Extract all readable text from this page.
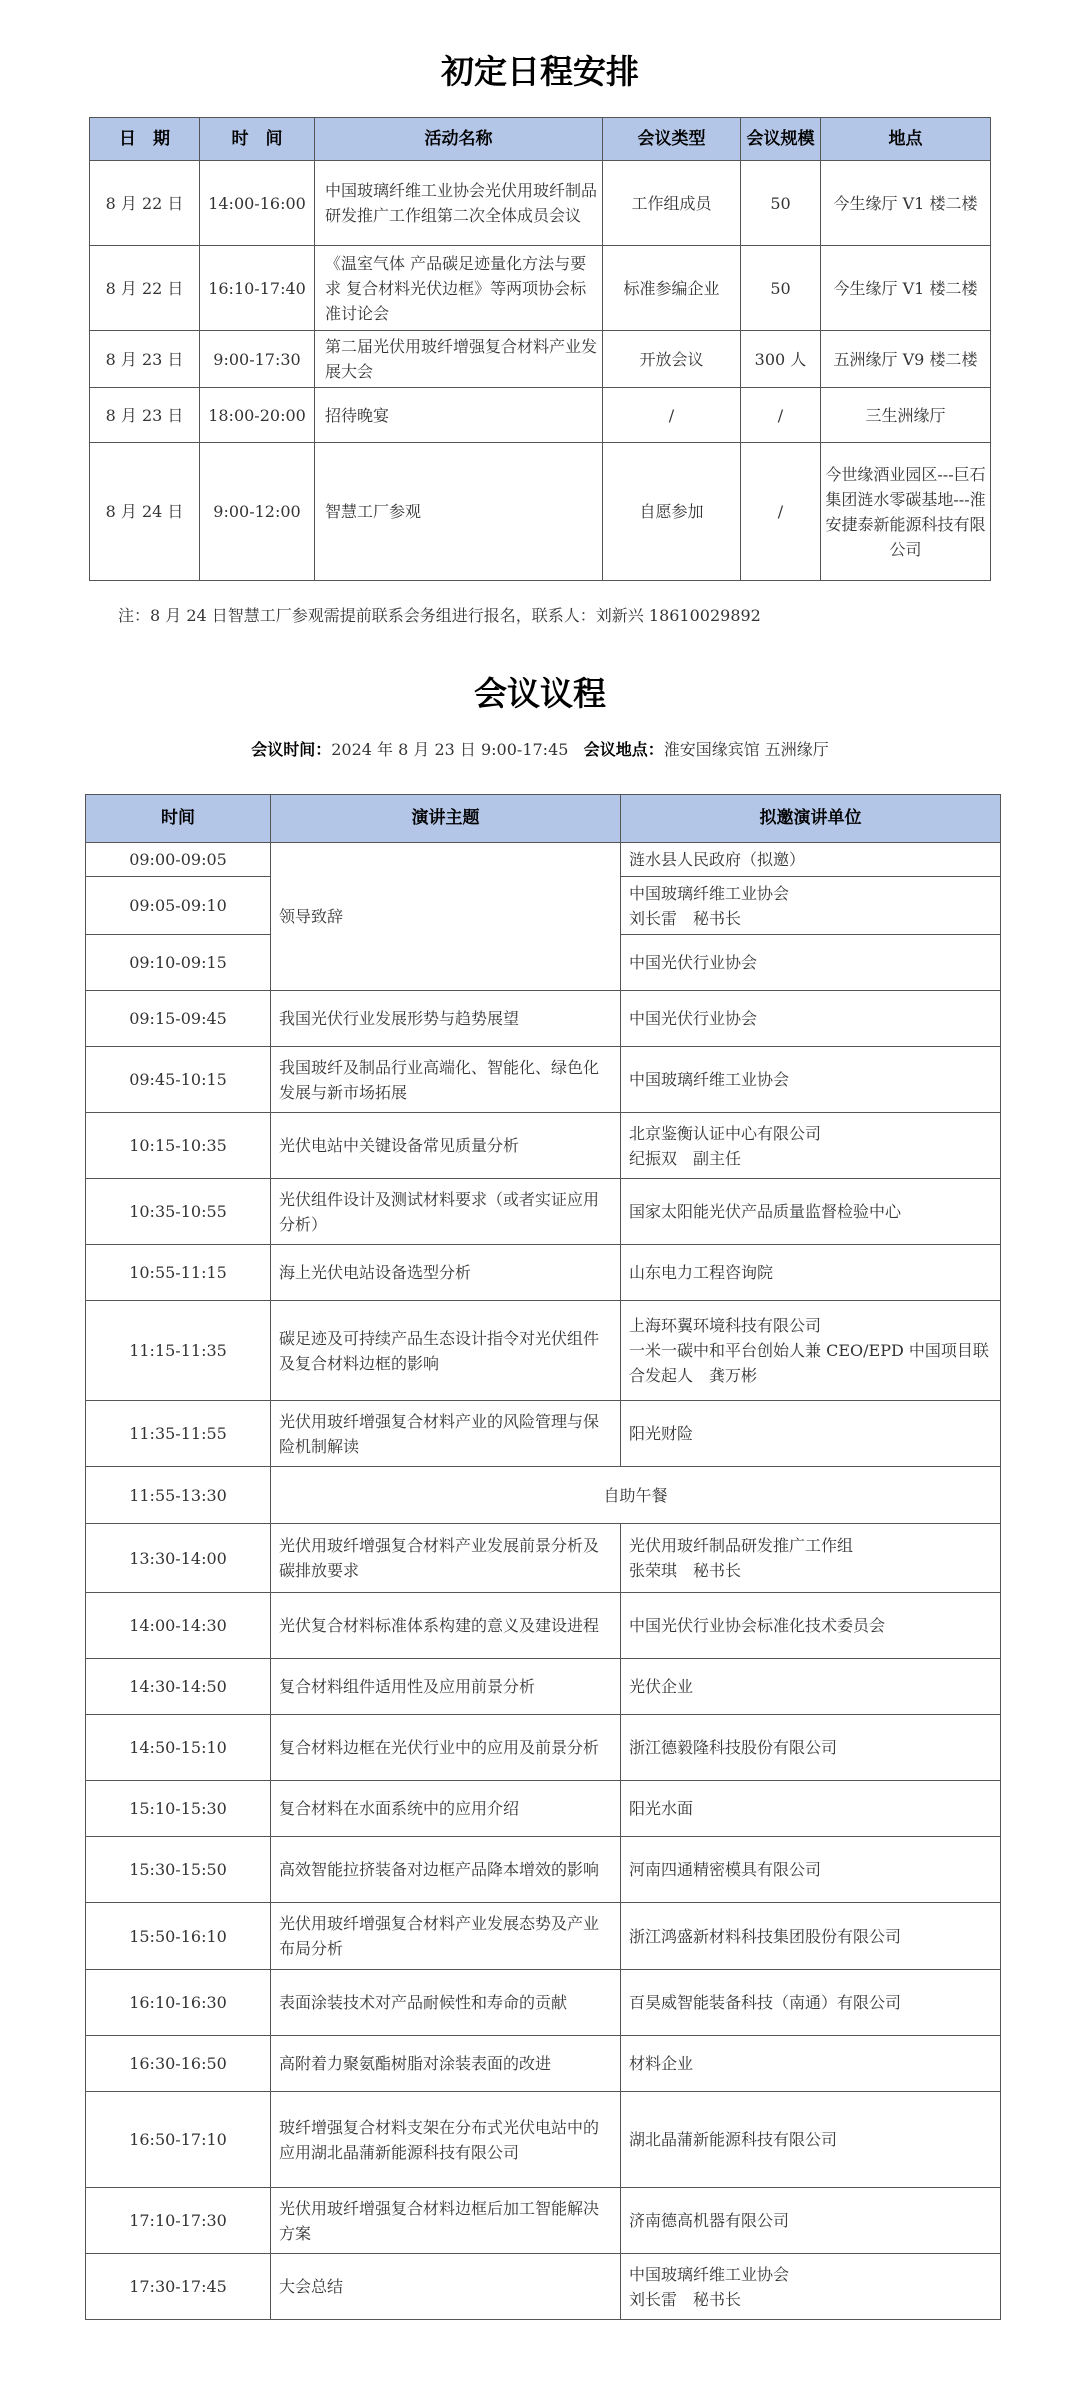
初定日程安排
日　期	时　间	活动名称	会议类型	会议规模	地点
8 月 22 日	14:00-16:00	中国玻璃纤维工业协会光伏用玻纤制品研发推广工作组第二次全体成员会议	工作组成员	50	今生缘厅 V1 楼二楼
8 月 22 日	16:10-17:40	《温室气体 产品碳足迹量化方法与要求 复合材料光伏边框》等两项协会标准讨论会	标准参编企业	50	今生缘厅 V1 楼二楼
8 月 23 日	9:00-17:30	第二届光伏用玻纤增强复合材料产业发展大会	开放会议	300 人	五洲缘厅 V9 楼二楼
8 月 23 日	18:00-20:00	招待晚宴	/	/	三生洲缘厅
8 月 24 日	9:00-12:00	智慧工厂参观	自愿参加	/	今世缘酒业园区---巨石集团涟水零碳基地---淮安捷泰新能源科技有限公司
注：8 月 24 日智慧工厂参观需提前联系会务组进行报名，联系人：刘新兴 18610029892
会议议程
会议时间：2024 年 8 月 23 日 9:00-17:45 会议地点：淮安国缘宾馆 五洲缘厅
时间	演讲主题	拟邀演讲单位
09:00-09:05	领导致辞	涟水县人民政府（拟邀）
09:05-09:10		中国玻璃纤维工业协会
刘长雷　秘书长
09:10-09:15		中国光伏行业协会
09:15-09:45	我国光伏行业发展形势与趋势展望	中国光伏行业协会
09:45-10:15	我国玻纤及制品行业高端化、智能化、绿色化发展与新市场拓展	中国玻璃纤维工业协会
10:15-10:35	光伏电站中关键设备常见质量分析	北京鉴衡认证中心有限公司
纪振双　副主任
10:35-10:55	光伏组件设计及测试材料要求（或者实证应用分析）	国家太阳能光伏产品质量监督检验中心
10:55-11:15	海上光伏电站设备选型分析	山东电力工程咨询院
11:15-11:35	碳足迹及可持续产品生态设计指令对光伏组件及复合材料边框的影响	上海环翼环境科技有限公司
一米一碳中和平台创始人兼 CEO/EPD 中国项目联合发起人　龚万彬
11:35-11:55	光伏用玻纤增强复合材料产业的风险管理与保险机制解读	阳光财险
11:55-13:30	自助午餐	
13:30-14:00	光伏用玻纤增强复合材料产业发展前景分析及碳排放要求	光伏用玻纤制品研发推广工作组
张荣琪　秘书长
14:00-14:30	光伏复合材料标准体系构建的意义及建设进程	中国光伏行业协会标准化技术委员会
14:30-14:50	复合材料组件适用性及应用前景分析	光伏企业
14:50-15:10	复合材料边框在光伏行业中的应用及前景分析	浙江德毅隆科技股份有限公司
15:10-15:30	复合材料在水面系统中的应用介绍	阳光水面
15:30-15:50	高效智能拉挤装备对边框产品降本增效的影响	河南四通精密模具有限公司
15:50-16:10	光伏用玻纤增强复合材料产业发展态势及产业布局分析	浙江鸿盛新材料科技集团股份有限公司
16:10-16:30	表面涂装技术对产品耐候性和寿命的贡献	百昊威智能装备科技（南通）有限公司
16:30-16:50	高附着力聚氨酯树脂对涂装表面的改进	材料企业
16:50-17:10	玻纤增强复合材料支架在分布式光伏电站中的应用湖北晶蒲新能源科技有限公司	湖北晶蒲新能源科技有限公司
17:10-17:30	光伏用玻纤增强复合材料边框后加工智能解决方案	济南德高机器有限公司
17:30-17:45	大会总结	中国玻璃纤维工业协会
刘长雷　秘书长
